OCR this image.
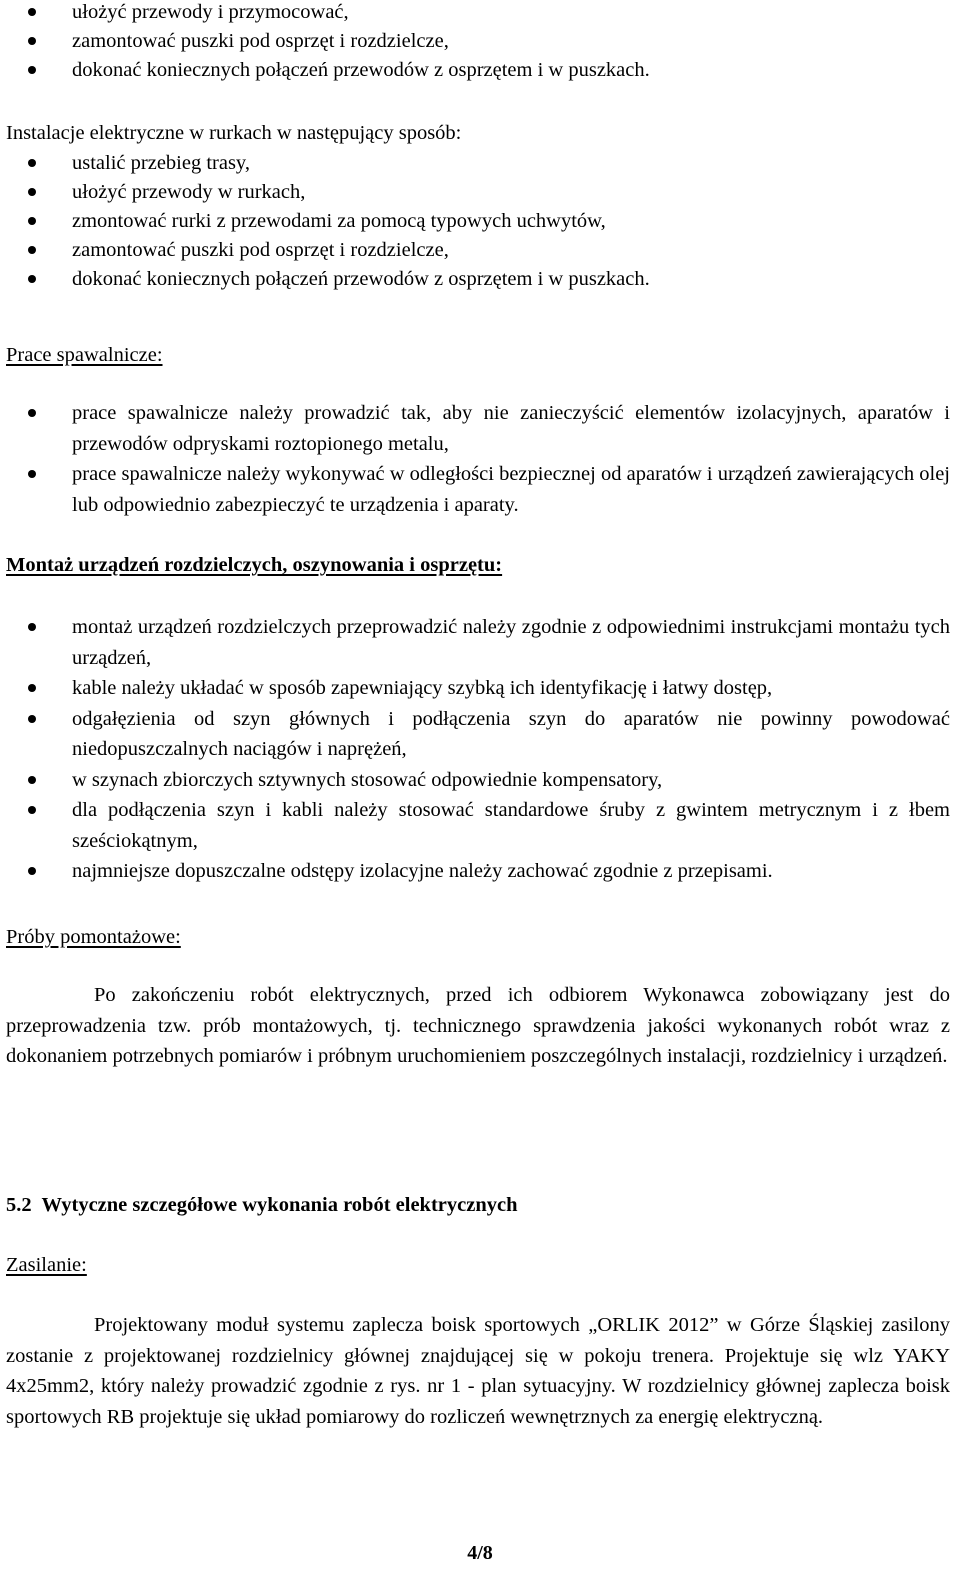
ułożyć przewody i przymocować,
zamontować puszki pod osprzęt i rozdzielcze,
dokonać koniecznych połączeń przewodów z osprzętem i w puszkach.

Instalacje elektryczne w rurkach w następujący sposób:

ustalić przebieg trasy,
ułożyć przewody w rurkach,
zmontować rurki z przewodami za pomocą typowych uchwytów,
zamontować puszki pod osprzęt i rozdzielcze,
dokonać koniecznych połączeń przewodów z osprzętem i w puszkach.

Prace spawalnicze:

prace spawalnicze należy prowadzić tak, aby nie zanieczyścić elementów izolacyjnych, aparatów i przewodów odpryskami roztopionego metalu,
prace spawalnicze należy wykonywać w odległości bezpiecznej od aparatów i urządzeń zawierających olej lub odpowiednio zabezpieczyć te urządzenia i aparaty.

Montaż urządzeń rozdzielczych, oszynowania i osprzętu:

montaż urządzeń rozdzielczych przeprowadzić należy zgodnie z odpowiednimi instrukcjami montażu tych urządzeń,
kable należy układać w sposób zapewniający szybką ich identyfikację i łatwy dostęp,
odgałęzienia od szyn głównych i podłączenia szyn do aparatów nie powinny powodować niedopuszczalnych naciągów i naprężeń,
w szynach zbiorczych sztywnych stosować odpowiednie kompensatory,
dla podłączenia szyn i kabli należy stosować standardowe śruby z gwintem metrycznym i z łbem sześciokątnym,
najmniejsze dopuszczalne odstępy izolacyjne należy zachować zgodnie z przepisami.

Próby pomontażowe:

Po zakończeniu robót elektrycznych, przed ich odbiorem Wykonawca zobowiązany jest do przeprowadzenia tzw. prób montażowych, tj. technicznego sprawdzenia jakości wykonanych robót wraz z dokonaniem potrzebnych pomiarów i próbnym uruchomieniem poszczególnych instalacji, rozdzielnicy i urządzeń.

5.2  Wytyczne szczegółowe wykonania robót elektrycznych

Zasilanie:

Projektowany moduł systemu zaplecza boisk sportowych „ORLIK 2012” w Górze Śląskiej zasilony zostanie z projektowanej rozdzielnicy głównej znajdującej się w pokoju trenera. Projektuje się wlz YAKY 4x25mm2, który należy prowadzić zgodnie z rys. nr 1 - plan sytuacyjny. W rozdzielnicy głównej zaplecza boisk sportowych RB projektuje się układ pomiarowy do rozliczeń wewnętrznych za energię elektryczną.

4/8
